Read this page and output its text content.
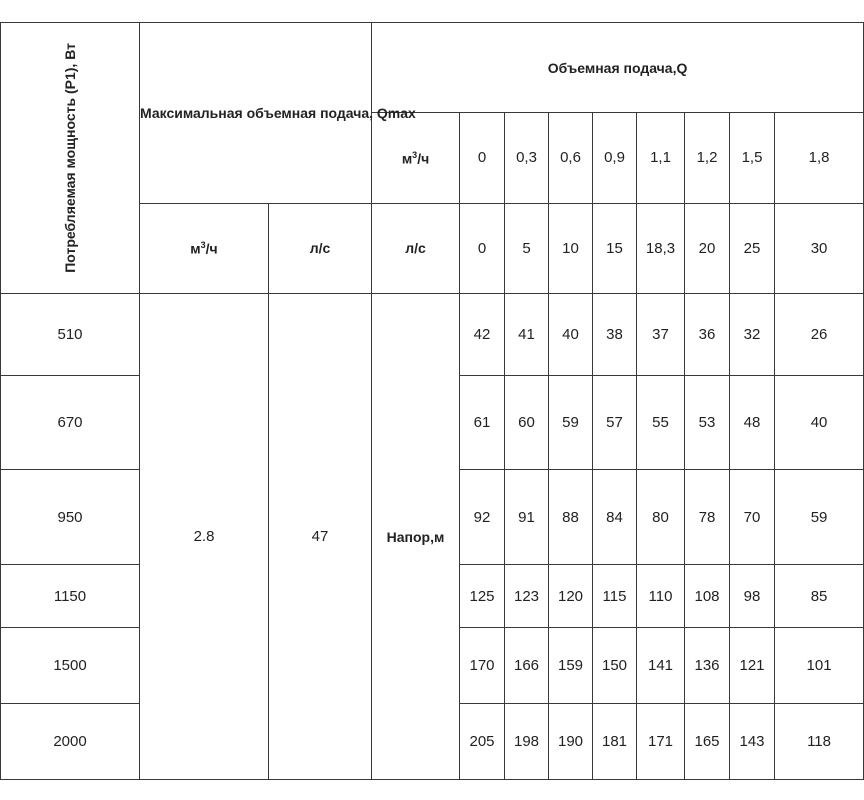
Потребляемая мощность (P1), Вт	Максимальная объемная подача, Qmax		Объемная подача,Q								
			$м^3/ч$	0	0,3	0,6	0,9	1,1	1,2	1,5	1,8
	$м^3/ч$	л/с	л/с	0	5	10	15	18,3	20	25	30
510	2.8	47	Напор,м	42	41	40	38	37	36	32	26
670				61	60	59	57	55	53	48	40
950				92	91	88	84	80	78	70	59
1150				125	123	120	115	110	108	98	85
1500				170	166	159	150	141	136	121	101
2000				205	198	190	181	171	165	143	118
